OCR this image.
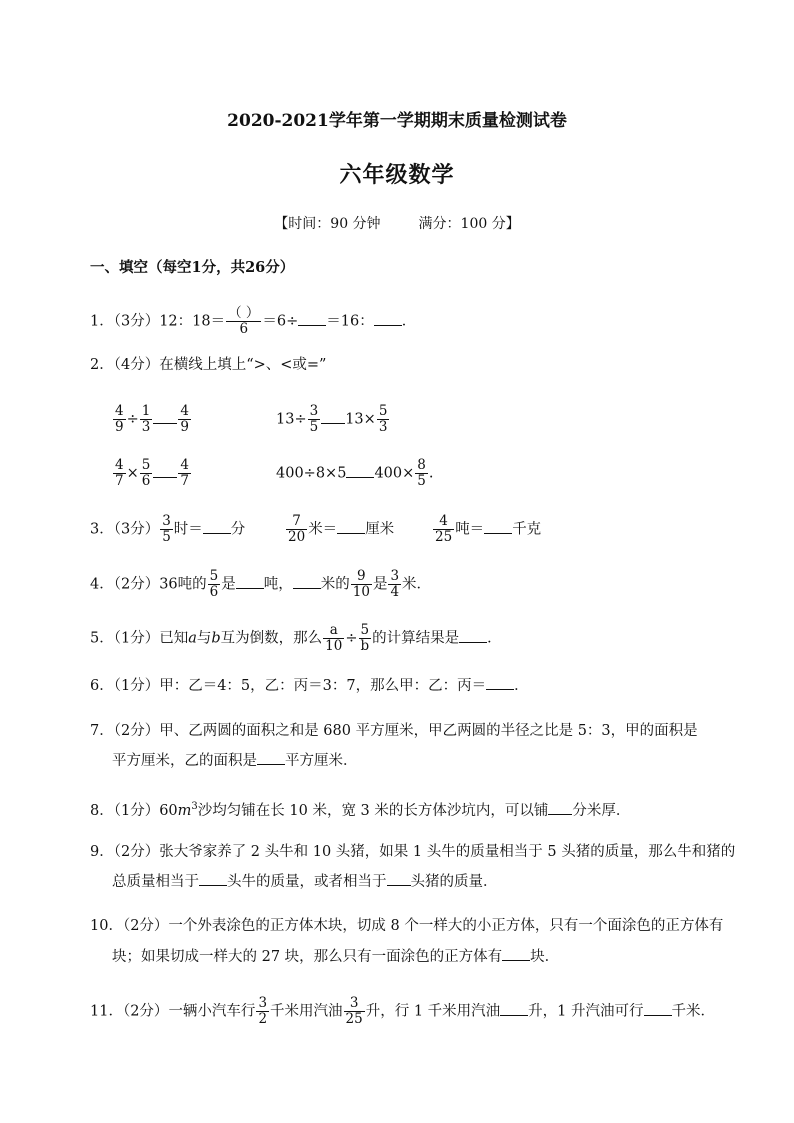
2020-2021学年第一学期期末质量检测试卷
六年级数学
【时间：90 分钟	满分：100 分】
一、填空（每空1分，共26分）
1．（3分）12：$18= \frac{( )}{6} =6\div =16$： ．
2．（4分）在横线上填上“>、<或=”
$\frac{4}{9} \div \frac{1}{3} \frac{4}{9}$	$13\div \frac{3}{5} 13\times \frac{5}{3}$
$\frac{4}{7} \times \frac{5}{6} \frac{4}{7}$	400÷8×5 $400\times \frac{8}{5}$ .
3．（3分） $\frac{3}{5}$ 时＝ 分	$\frac{7}{20}$ 米＝ 厘米	$\frac{4}{25}$ 吨＝ 千克
4．（2分）36吨的 $\frac{5}{6}$ 是 吨， 米的 $\frac{9}{10}$ 是 $\frac{3}{4}$ 米．
5．（1分）已知a与b互为倒数，那么 $\frac{a}{10} \div \frac{5}{b}$ 的计算结果是 ．
6．（1分）甲：乙＝4：5，乙：丙＝3：7，那么甲：乙：丙＝ ．
7．（2分）甲、乙两圆的面积之和是 680 平方厘米，甲乙两圆的半径之比是 5：3，甲的面积是
平方厘米，乙的面积是 平方厘米．
8．（1分）$60m^3$沙均匀铺在长 10 米，宽 3 米的长方体沙坑内，可以铺 分米厚．
9．（2分）张大爷家养了 2 头牛和 10 头猪，如果 1 头牛的质量相当于 5 头猪的质量，那么牛和猪的
总质量相当于 头牛的质量，或者相当于 头猪的质量．
10．（2分）一个外表涂色的正方体木块，切成 8 个一样大的小正方体，只有一个面涂色的正方体有
块；如果切成一样大的 27 块，那么只有一面涂色的正方体有 块．
11．（2分）一辆小汽车行 $\frac{3}{2}$ 千米用汽油 $\frac{3}{25}$ 升，行 1 千米用汽油 升，1 升汽油可行 千米．
